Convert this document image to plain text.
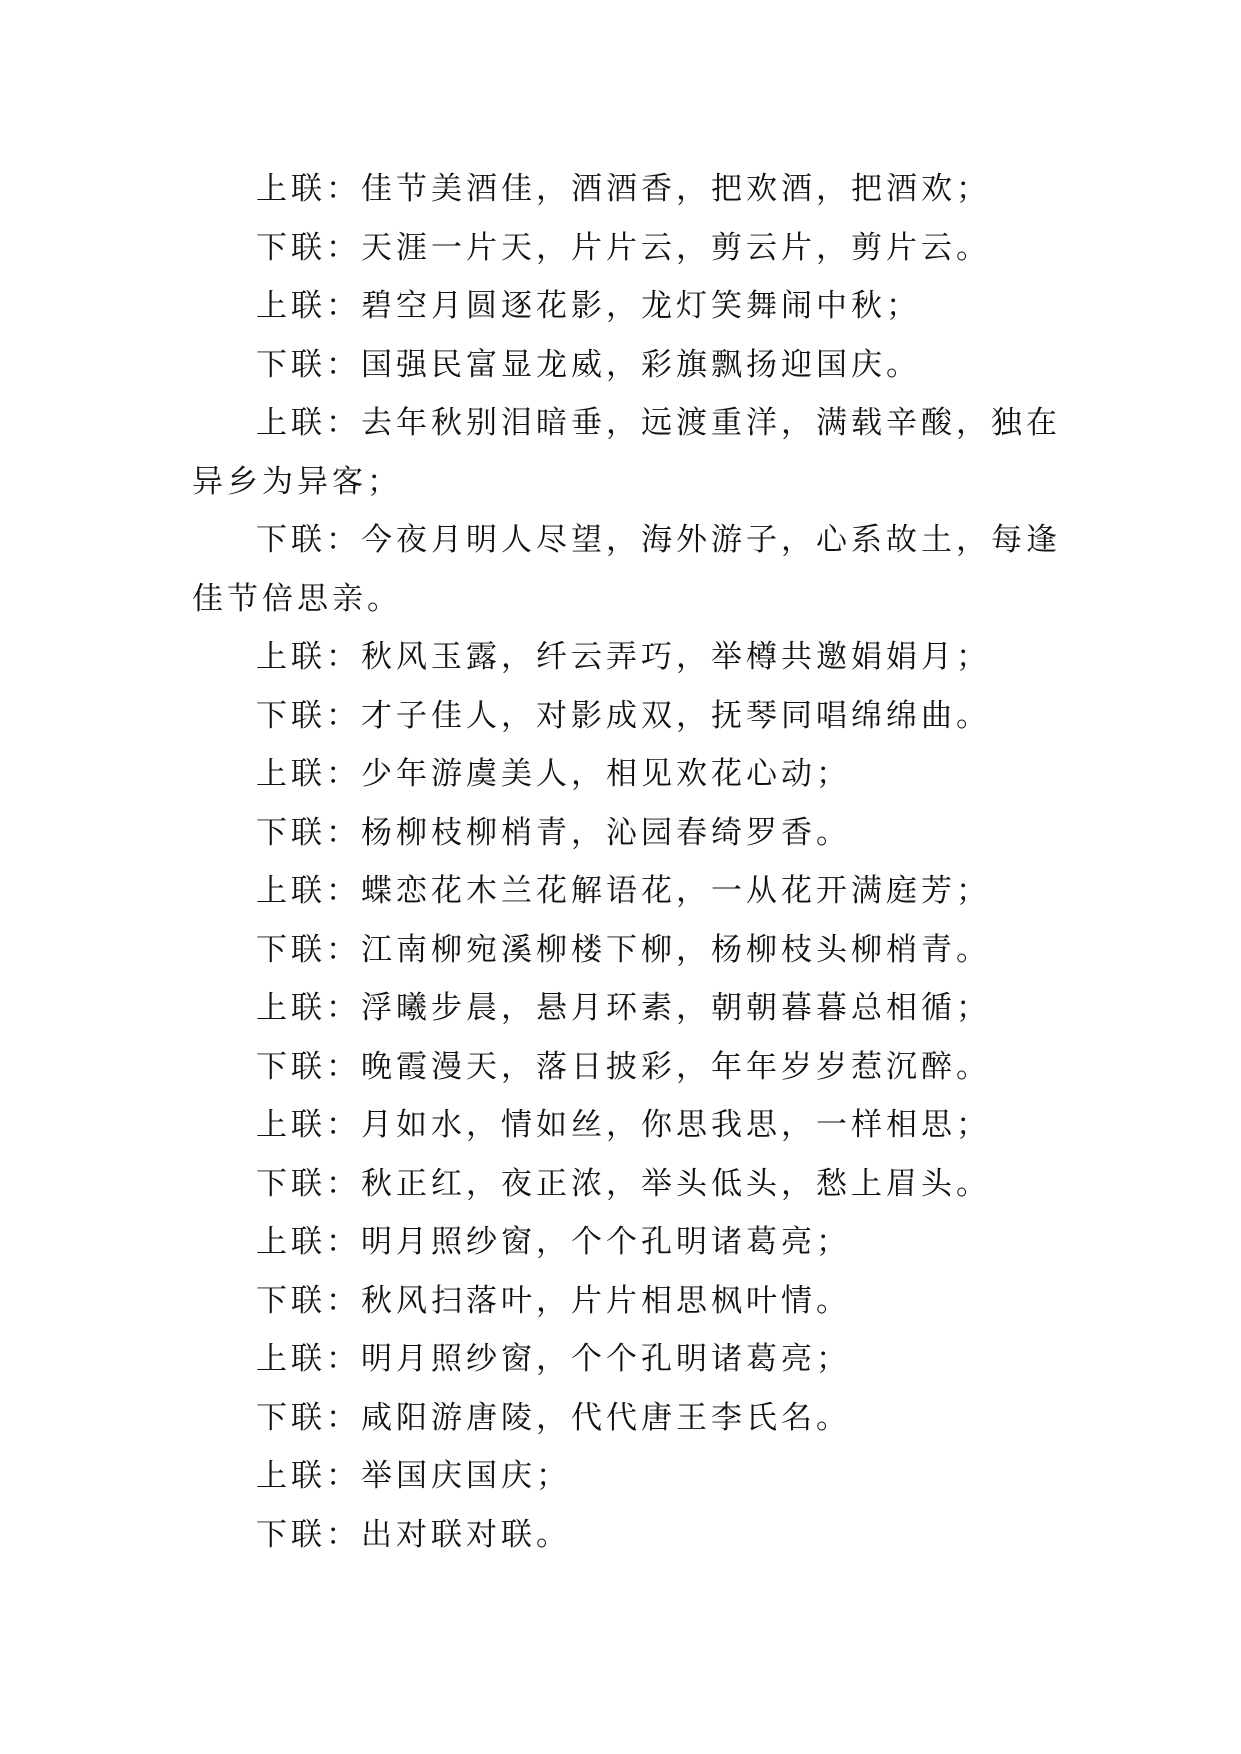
上联：佳节美酒佳，酒酒香，把欢酒，把酒欢；

下联：天涯一片天，片片云，剪云片，剪片云。

上联：碧空月圆逐花影，龙灯笑舞闹中秋；

下联：国强民富显龙威，彩旗飘扬迎国庆。

上联：去年秋别泪暗垂，远渡重洋，满载辛酸，独在异乡为异客；

下联：今夜月明人尽望，海外游子，心系故土，每逢佳节倍思亲。

上联：秋风玉露，纤云弄巧，举樽共邀娟娟月；

下联：才子佳人，对影成双，抚琴同唱绵绵曲。

上联：少年游虞美人，相见欢花心动；

下联：杨柳枝柳梢青，沁园春绮罗香。

上联：蝶恋花木兰花解语花，一从花开满庭芳；

下联：江南柳宛溪柳楼下柳，杨柳枝头柳梢青。

上联：浮曦步晨，悬月环素，朝朝暮暮总相循；

下联：晚霞漫天，落日披彩，年年岁岁惹沉醉。

上联：月如水，情如丝，你思我思，一样相思；

下联：秋正红，夜正浓，举头低头，愁上眉头。

上联：明月照纱窗，个个孔明诸葛亮；

下联：秋风扫落叶，片片相思枫叶情。

上联：明月照纱窗，个个孔明诸葛亮；

下联：咸阳游唐陵，代代唐王李氏名。

上联：举国庆国庆；

下联：出对联对联。
